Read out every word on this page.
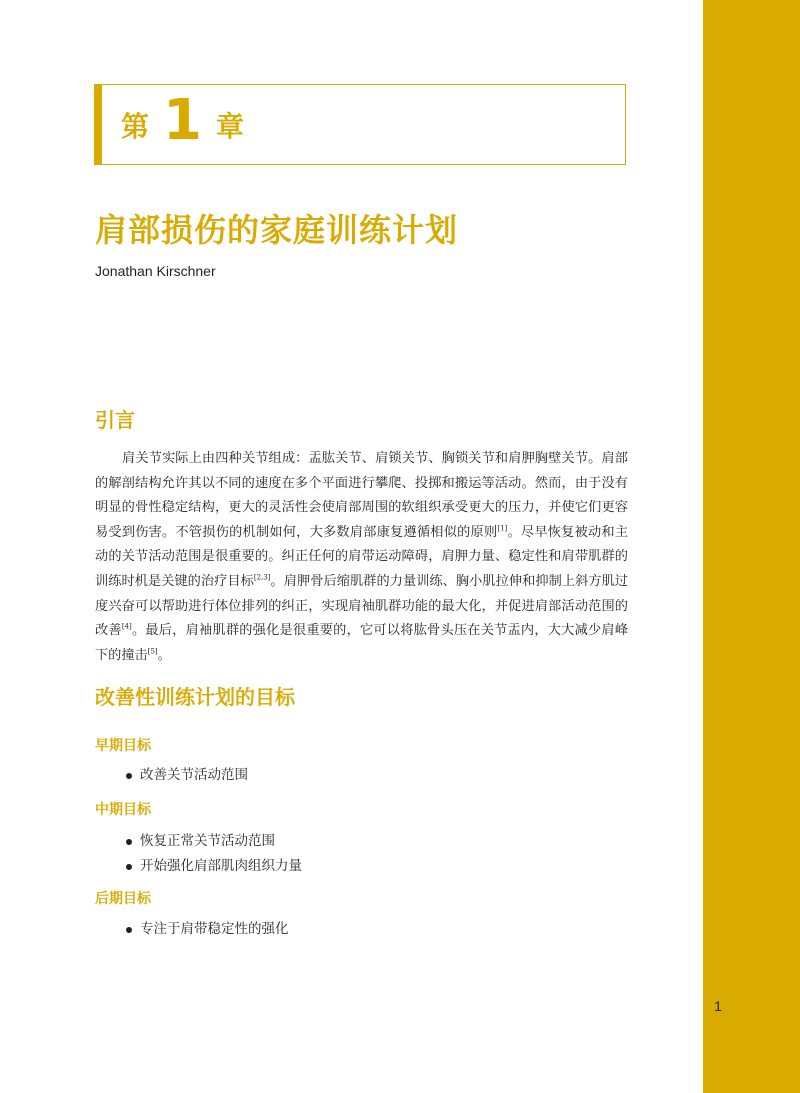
第 1 章
肩部损伤的家庭训练计划

Jonathan Kirschner

引言

肩关节实际上由四种关节组成：盂肱关节、肩锁关节、胸锁关节和肩胛胸壁关节。肩部的解剖结构允许其以不同的速度在多个平面进行攀爬、投掷和搬运等活动。然而，由于没有明显的骨性稳定结构，更大的灵活性会使肩部周围的软组织承受更大的压力，并使它们更容易受到伤害。不管损伤的机制如何，大多数肩部康复遵循相似的原则[1]。尽早恢复被动和主动的关节活动范围是很重要的。纠正任何的肩带运动障碍，肩胛力量、稳定性和肩带肌群的训练时机是关键的治疗目标[2,3]。肩胛骨后缩肌群的力量训练、胸小肌拉伸和抑制上斜方肌过度兴奋可以帮助进行体位排列的纠正，实现肩袖肌群功能的最大化，并促进肩部活动范围的改善[4]。最后，肩袖肌群的强化是很重要的，它可以将肱骨头压在关节盂内，大大减少肩峰下的撞击[5]。

改善性训练计划的目标
早期目标
改善关节活动范围
中期目标
恢复正常关节活动范围
开始强化肩部肌肉组织力量
后期目标
专注于肩带稳定性的强化
1
